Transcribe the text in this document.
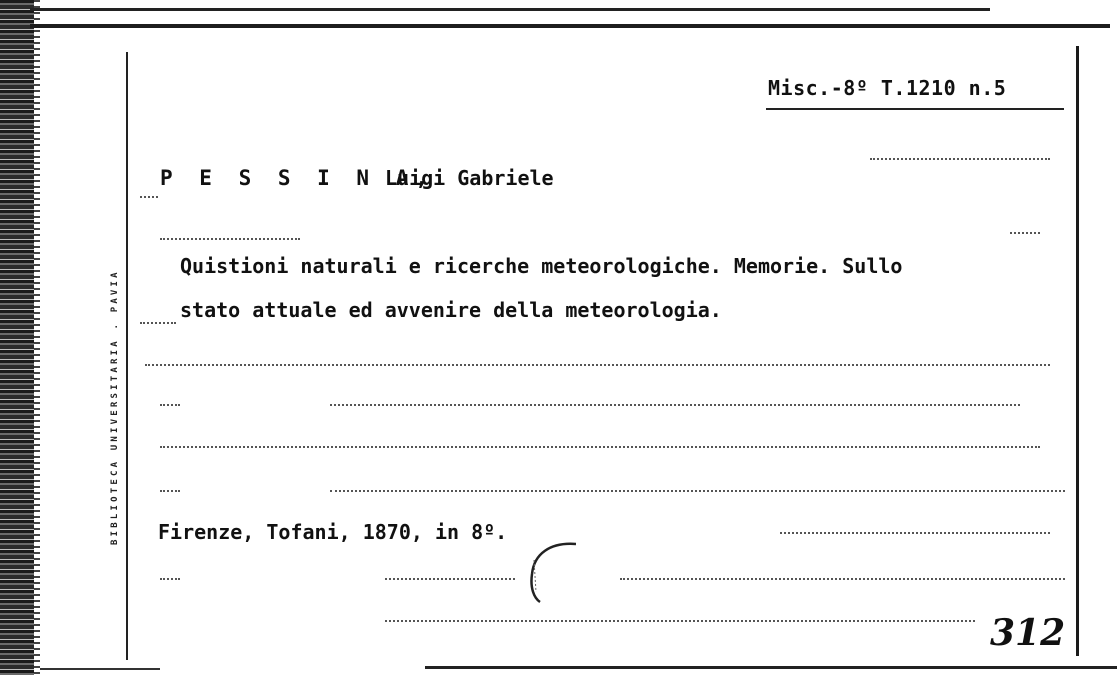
BIBLIOTECA UNIVERSITARIA . PAVIA
Misc.-8º T.1210 n.5
P E S S I N A,
Luigi Gabriele
Quistioni naturali e ricerche meteorologiche. Memorie. Sullo
stato attuale ed avvenire della meteorologia.
Firenze, Tofani, 1870, in 8º.
312
